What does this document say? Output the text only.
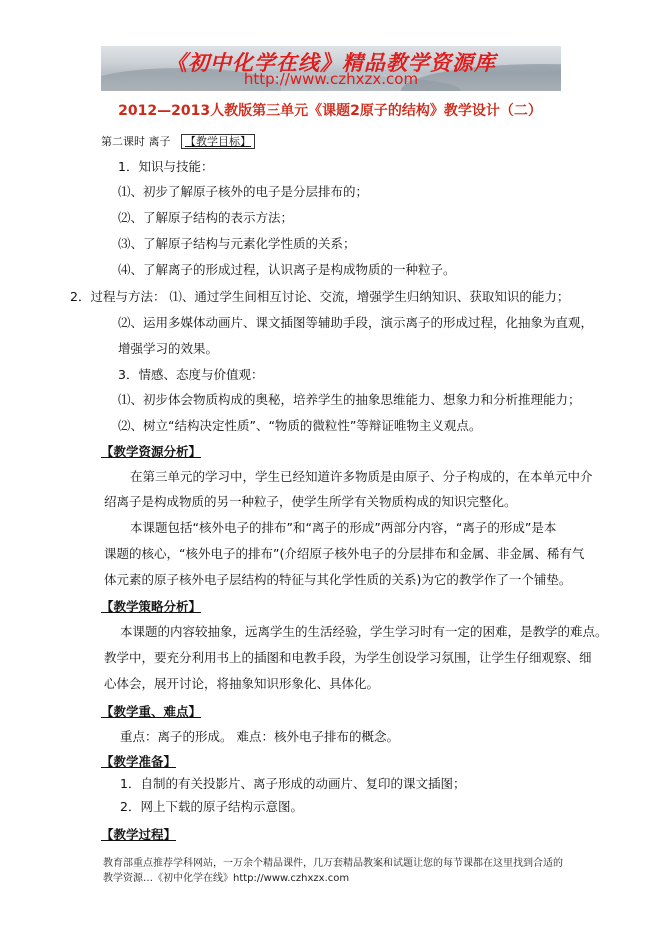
《初中化学在线》精品教学资源库
http://www.czhxzx.com
2012—2013人教版第三单元《课题2原子的结构》教学设计（二）
第二课时 离子 【教学目标】
1．知识与技能：
⑴、初步了解原子核外的电子是分层排布的；
⑵、了解原子结构的表示方法；
⑶、了解原子结构与元素化学性质的关系；
⑷、了解离子的形成过程，认识离子是构成物质的一种粒子。
2．过程与方法： ⑴、通过学生间相互讨论、交流，增强学生归纳知识、获取知识的能力；
⑵、运用多媒体动画片、课文插图等辅助手段，演示离子的形成过程，化抽象为直观，
增强学习的效果。
3．情感、态度与价值观：
⑴、初步体会物质构成的奥秘，培养学生的抽象思维能力、想象力和分析推理能力；
⑵、树立“结构决定性质”、“物质的微粒性”等辩证唯物主义观点。
【教学资源分析】
在第三单元的学习中，学生已经知道许多物质是由原子、分子构成的，在本单元中介
绍离子是构成物质的另一种粒子，使学生所学有关物质构成的知识完整化。
本课题包括“核外电子的排布”和“离子的形成”两部分内容，“离子的形成”是本
课题的核心，“核外电子的排布”(介绍原子核外电子的分层排布和金属、非金属、稀有气
体元素的原子核外电子层结构的特征与其化学性质的关系)为它的教学作了一个铺垫。
【教学策略分析】
本课题的内容较抽象，远离学生的生活经验，学生学习时有一定的困难，是教学的难点。
教学中，要充分利用书上的插图和电教手段，为学生创设学习氛围，让学生仔细观察、细
心体会，展开讨论，将抽象知识形象化、具体化。
【教学重、难点】
重点：离子的形成。 难点：核外电子排布的概念。
【教学准备】
1．自制的有关投影片、离子形成的动画片、复印的课文插图；
2．网上下载的原子结构示意图。
【教学过程】
教育部重点推荐学科网站，一万余个精品课件，几万套精品教案和试题让您的每节课都在这里找到合适的
教学资源…《初中化学在线》http://www.czhxzx.com
